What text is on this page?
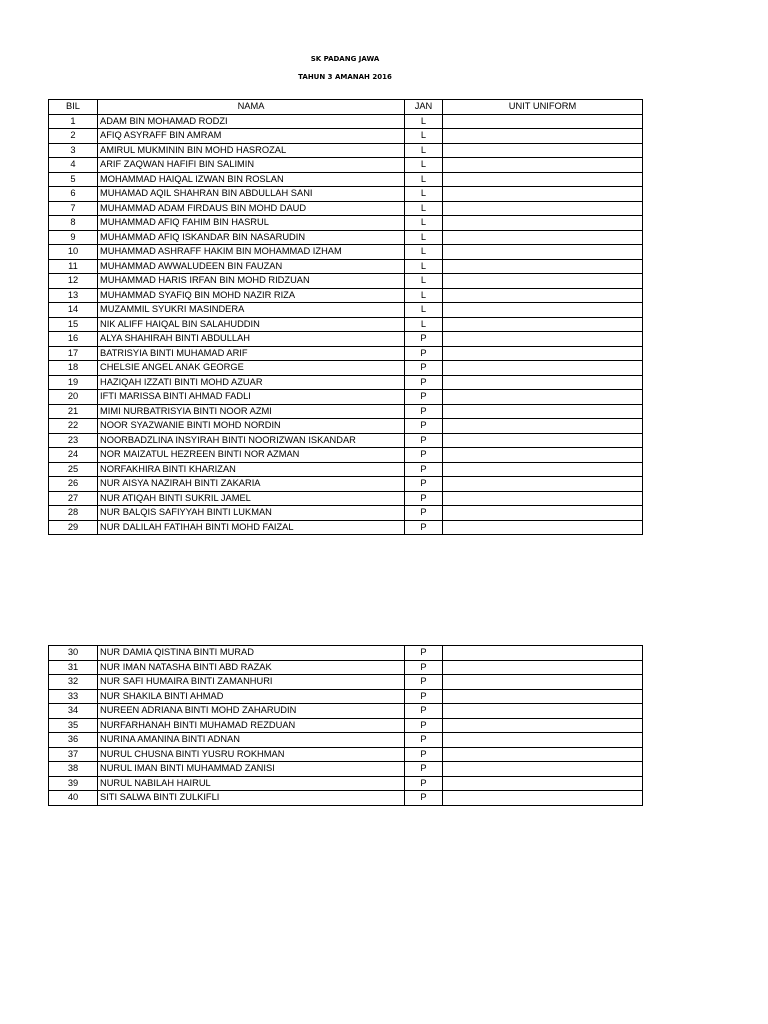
SK PADANG JAWA
TAHUN 3 AMANAH 2016
BIL	NAMA	JAN	UNIT UNIFORM
1	ADAM BIN MOHAMAD RODZI	L	
2	AFIQ ASYRAFF BIN AMRAM	L	
3	AMIRUL MUKMININ BIN MOHD HASROZAL	L	
4	ARIF ZAQWAN HAFIFI BIN SALIMIN	L	
5	MOHAMMAD HAIQAL IZWAN BIN ROSLAN	L	
6	MUHAMAD AQIL SHAHRAN BIN ABDULLAH SANI	L	
7	MUHAMMAD ADAM FIRDAUS BIN MOHD DAUD	L	
8	MUHAMMAD AFIQ FAHIM BIN HASRUL	L	
9	MUHAMMAD AFIQ ISKANDAR BIN NASARUDIN	L	
10	MUHAMMAD ASHRAFF HAKIM BIN MOHAMMAD IZHAM	L	
11	MUHAMMAD AWWALUDEEN BIN FAUZAN	L	
12	MUHAMMAD HARIS IRFAN BIN MOHD RIDZUAN	L	
13	MUHAMMAD SYAFIQ BIN MOHD NAZIR RIZA	L	
14	MUZAMMIL SYUKRI MASINDERA	L	
15	NIK ALIFF HAIQAL BIN SALAHUDDIN	L	
16	ALYA SHAHIRAH BINTI ABDULLAH	P	
17	BATRISYIA BINTI MUHAMAD ARIF	P	
18	CHELSIE ANGEL ANAK GEORGE	P	
19	HAZIQAH IZZATI BINTI MOHD AZUAR	P	
20	IFTI MARISSA BINTI AHMAD FADLI	P	
21	MIMI NURBATRISYIA BINTI NOOR AZMI	P	
22	NOOR SYAZWANIE BINTI MOHD NORDIN	P	
23	NOORBADZLINA INSYIRAH BINTI NOORIZWAN ISKANDAR	P	
24	NOR MAIZATUL HEZREEN BINTI NOR AZMAN	P	
25	NORFAKHIRA BINTI KHARIZAN	P	
26	NUR AISYA NAZIRAH BINTI ZAKARIA	P	
27	NUR ATIQAH BINTI SUKRIL JAMEL	P	
28	NUR BALQIS SAFIYYAH BINTI LUKMAN	P	
29	NUR DALILAH FATIHAH BINTI MOHD FAIZAL	P	
30	NUR DAMIA QISTINA BINTI MURAD	P	
31	NUR IMAN NATASHA BINTI ABD RAZAK	P	
32	NUR SAFI HUMAIRA BINTI ZAMANHURI	P	
33	NUR SHAKILA BINTI AHMAD	P	
34	NUREEN ADRIANA BINTI MOHD ZAHARUDIN	P	
35	NURFARHANAH BINTI MUHAMAD REZDUAN	P	
36	NURINA AMANINA BINTI ADNAN	P	
37	NURUL CHUSNA BINTI YUSRU ROKHMAN	P	
38	NURUL IMAN BINTI MUHAMMAD ZANISI	P	
39	NURUL NABILAH HAIRUL	P	
40	SITI SALWA BINTI ZULKIFLI	P	
